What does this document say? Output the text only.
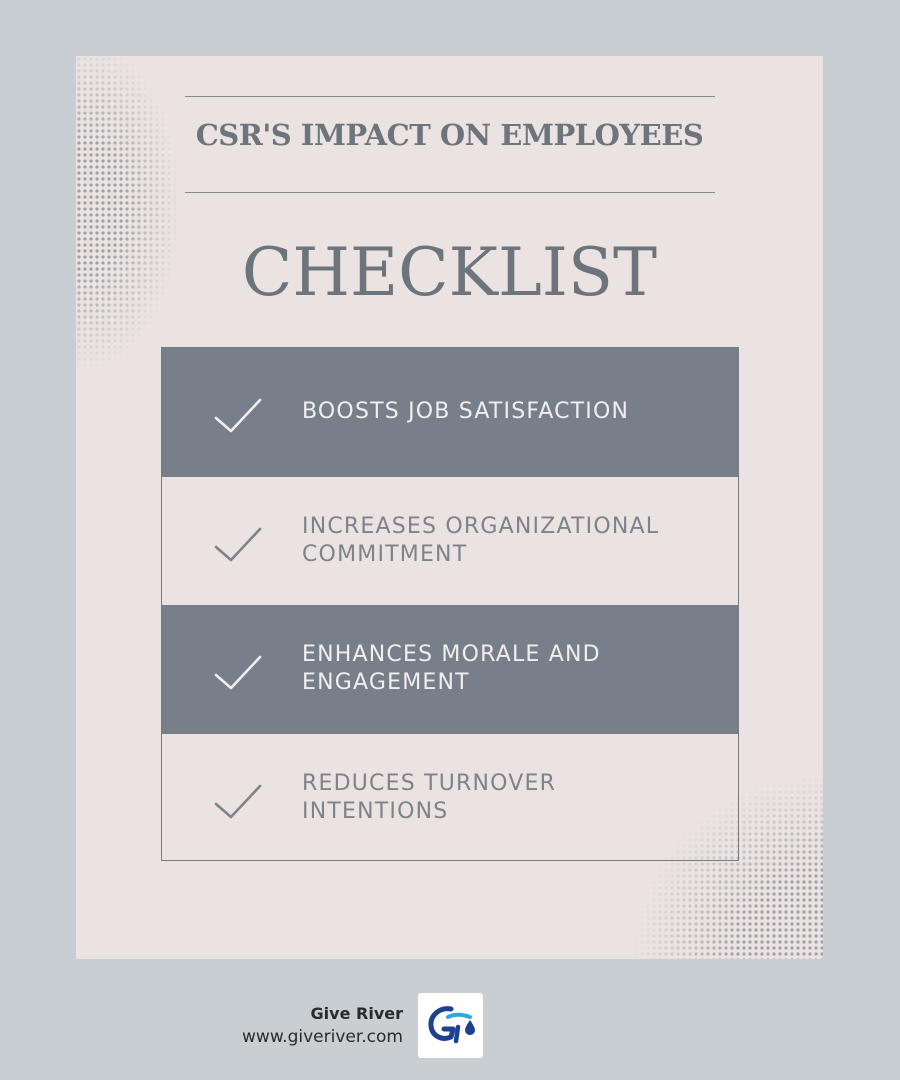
CSR'S IMPACT ON EMPLOYEES
CHECKLIST
BOOSTS JOB SATISFACTION
INCREASES ORGANIZATIONAL COMMITMENT
ENHANCES MORALE AND ENGAGEMENT
REDUCES TURNOVER INTENTIONS
Give River
www.giveriver.com
